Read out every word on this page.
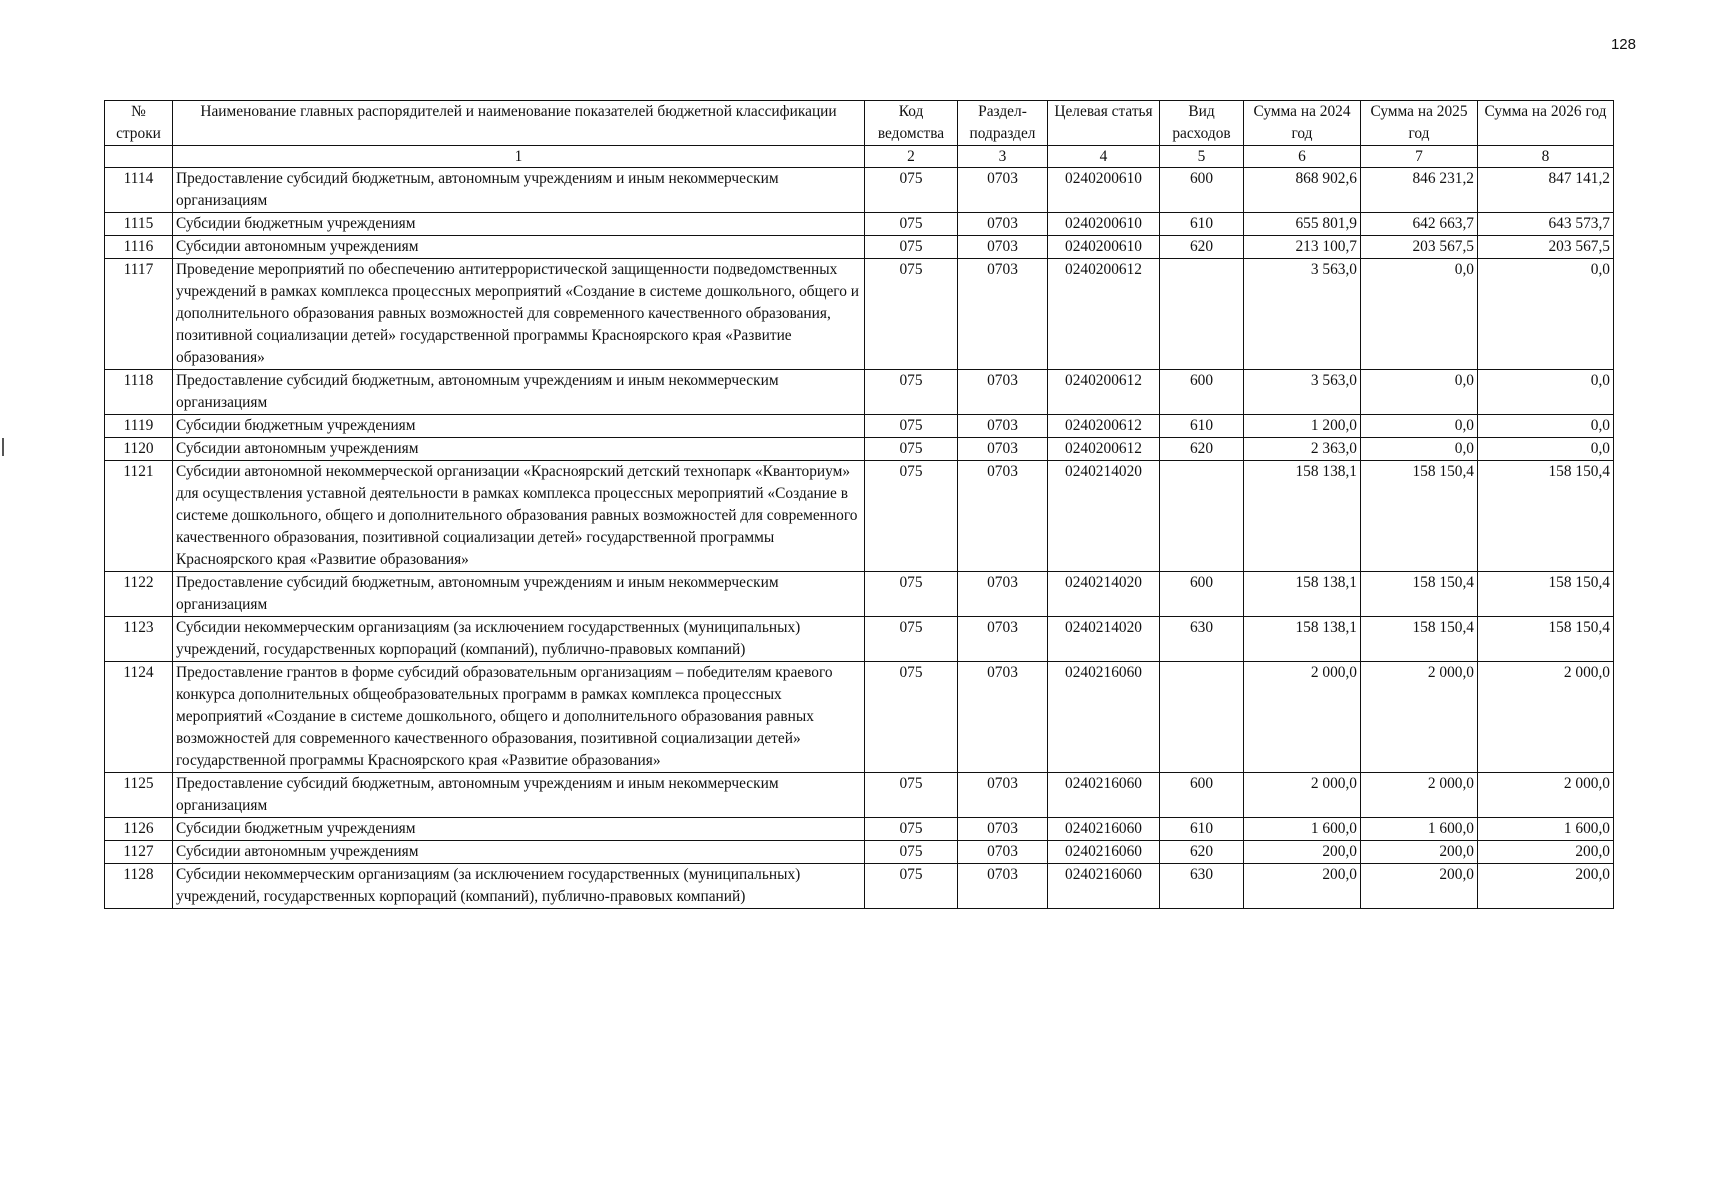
128
№ строки	Наименование главных распорядителей и наименование показателей бюджетной классификации	Код ведомства	Раздел-подраздел	Целевая статья	Вид расходов	Сумма на 2024 год	Сумма на 2025 год	Сумма на 2026 год
	1	2	3	4	5	6	7	8
1114	Предоставление субсидий бюджетным, автономным учреждениям и иным некоммерческим организациям	075	0703	0240200610	600	868 902,6	846 231,2	847 141,2
1115	Субсидии бюджетным учреждениям	075	0703	0240200610	610	655 801,9	642 663,7	643 573,7
1116	Субсидии автономным учреждениям	075	0703	0240200610	620	213 100,7	203 567,5	203 567,5
1117	Проведение мероприятий по обеспечению антитеррористической защищенности подведомственных учреждений в рамках комплекса процессных мероприятий «Создание в системе дошкольного, общего и дополнительного образования равных возможностей для современного качественного образования, позитивной социализации детей» государственной программы Красноярского края «Развитие образования»	075	0703	0240200612		3 563,0	0,0	0,0
1118	Предоставление субсидий бюджетным, автономным учреждениям и иным некоммерческим организациям	075	0703	0240200612	600	3 563,0	0,0	0,0
1119	Субсидии бюджетным учреждениям	075	0703	0240200612	610	1 200,0	0,0	0,0
1120	Субсидии автономным учреждениям	075	0703	0240200612	620	2 363,0	0,0	0,0
1121	Субсидии автономной некоммерческой организации «Красноярский детский технопарк «Кванториум» для осуществления уставной деятельности в рамках комплекса процессных мероприятий «Создание в системе дошкольного, общего и дополнительного образования равных возможностей для современного качественного образования, позитивной социализации детей» государственной программы Красноярского края «Развитие образования»	075	0703	0240214020		158 138,1	158 150,4	158 150,4
1122	Предоставление субсидий бюджетным, автономным учреждениям и иным некоммерческим организациям	075	0703	0240214020	600	158 138,1	158 150,4	158 150,4
1123	Субсидии некоммерческим организациям (за исключением государственных (муниципальных) учреждений, государственных корпораций (компаний), публично-правовых компаний)	075	0703	0240214020	630	158 138,1	158 150,4	158 150,4
1124	Предоставление грантов в форме субсидий образовательным организациям – победителям краевого конкурса дополнительных общеобразовательных программ в рамках комплекса процессных мероприятий «Создание в системе дошкольного, общего и дополнительного образования равных возможностей для современного качественного образования, позитивной социализации детей» государственной программы Красноярского края «Развитие образования»	075	0703	0240216060		2 000,0	2 000,0	2 000,0
1125	Предоставление субсидий бюджетным, автономным учреждениям и иным некоммерческим организациям	075	0703	0240216060	600	2 000,0	2 000,0	2 000,0
1126	Субсидии бюджетным учреждениям	075	0703	0240216060	610	1 600,0	1 600,0	1 600,0
1127	Субсидии автономным учреждениям	075	0703	0240216060	620	200,0	200,0	200,0
1128	Субсидии некоммерческим организациям (за исключением государственных (муниципальных) учреждений, государственных корпораций (компаний), публично-правовых компаний)	075	0703	0240216060	630	200,0	200,0	200,0
